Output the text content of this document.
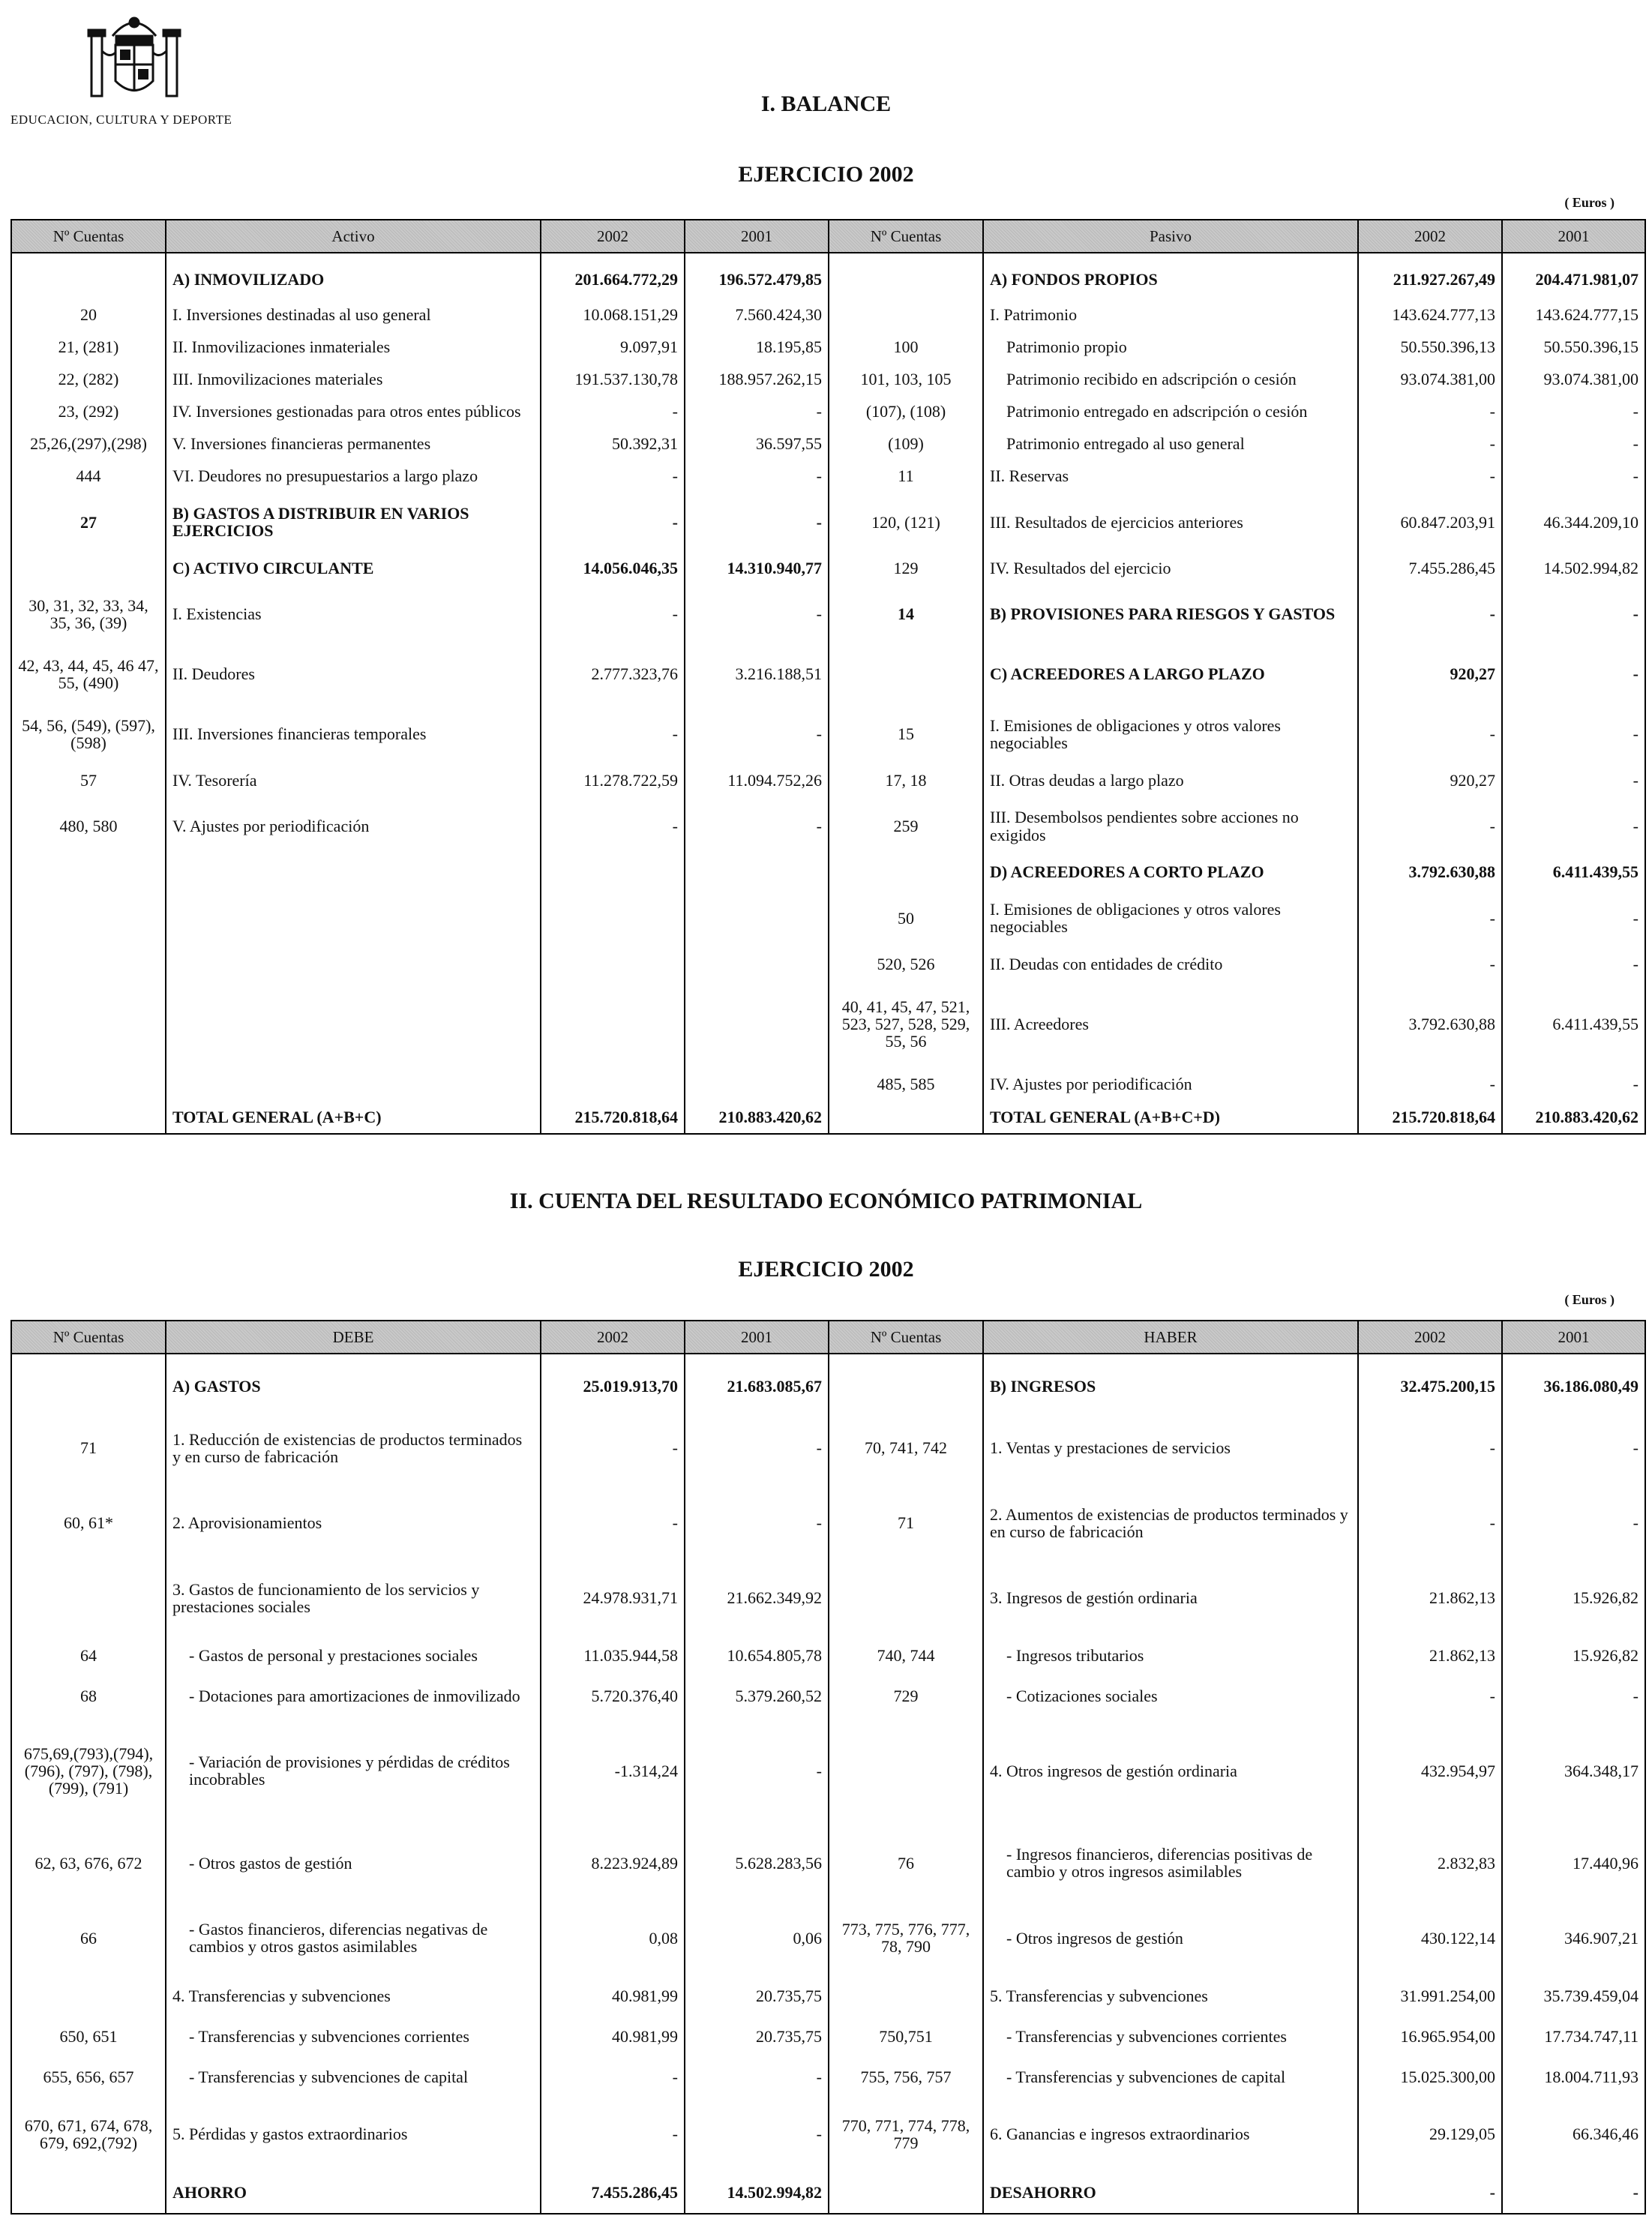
EDUCACION, CULTURA Y DEPORTE
I. BALANCE
EJERCICIO 2002
( Euros )
Nº Cuentas	Activo	2002	2001	Nº Cuentas	Pasivo	2002	2001
	A) INMOVILIZADO	201.664.772,29	196.572.479,85		A) FONDOS PROPIOS	211.927.267,49	204.471.981,07
20	I. Inversiones destinadas al uso general	10.068.151,29	7.560.424,30		I. Patrimonio	143.624.777,13	143.624.777,15
21, (281)	II. Inmovilizaciones inmateriales	9.097,91	18.195,85	100	Patrimonio propio	50.550.396,13	50.550.396,15
22, (282)	III. Inmovilizaciones materiales	191.537.130,78	188.957.262,15	101, 103, 105	Patrimonio recibido en adscripción o cesión	93.074.381,00	93.074.381,00
23, (292)	IV. Inversiones gestionadas para otros entes públicos	-	-	(107), (108)	Patrimonio entregado en adscripción o cesión	-	-
25,26,(297),(298)	V. Inversiones financieras permanentes	50.392,31	36.597,55	(109)	Patrimonio entregado al uso general	-	-
444	VI. Deudores no presupuestarios a largo plazo	-	-	11	II. Reservas	-	-
27	B) GASTOS A DISTRIBUIR EN VARIOS EJERCICIOS	-	-	120, (121)	III. Resultados de ejercicios anteriores	60.847.203,91	46.344.209,10
	C) ACTIVO CIRCULANTE	14.056.046,35	14.310.940,77	129	IV. Resultados del ejercicio	7.455.286,45	14.502.994,82
30, 31, 32, 33, 34, 35, 36, (39)	I. Existencias	-	-	14	B) PROVISIONES PARA RIESGOS Y GASTOS	-	-
42, 43, 44, 45, 46 47, 55, (490)	II. Deudores	2.777.323,76	3.216.188,51		C) ACREEDORES A LARGO PLAZO	920,27	-
54, 56, (549), (597), (598)	III. Inversiones financieras temporales	-	-	15	I. Emisiones de obligaciones y otros valores negociables	-	-
57	IV. Tesorería	11.278.722,59	11.094.752,26	17, 18	II. Otras deudas a largo plazo	920,27	-
480, 580	V. Ajustes por periodificación	-	-	259	III. Desembolsos pendientes sobre acciones no exigidos	-	-
					D) ACREEDORES A CORTO PLAZO	3.792.630,88	6.411.439,55
				50	I. Emisiones de obligaciones y otros valores negociables	-	-
				520, 526	II. Deudas con entidades de crédito	-	-
				40, 41, 45, 47, 521, 523, 527, 528, 529, 55, 56	III. Acreedores	3.792.630,88	6.411.439,55
				485, 585	IV. Ajustes por periodificación	-	-
	TOTAL GENERAL (A+B+C)	215.720.818,64	210.883.420,62		TOTAL GENERAL (A+B+C+D)	215.720.818,64	210.883.420,62
II. CUENTA DEL RESULTADO ECONÓMICO PATRIMONIAL
EJERCICIO 2002
( Euros )
Nº Cuentas	DEBE	2002	2001	Nº Cuentas	HABER	2002	2001
	A) GASTOS	25.019.913,70	21.683.085,67		B) INGRESOS	32.475.200,15	36.186.080,49
71	1. Reducción de existencias de productos terminados y en curso de fabricación	-	-	70, 741, 742	1. Ventas y prestaciones de servicios	-	-
60, 61*	2. Aprovisionamientos	-	-	71	2. Aumentos de existencias de productos terminados y en curso de fabricación	-	-
	3. Gastos de funcionamiento de los servicios y prestaciones sociales	24.978.931,71	21.662.349,92		3. Ingresos de gestión ordinaria	21.862,13	15.926,82
64	- Gastos de personal y prestaciones sociales	11.035.944,58	10.654.805,78	740, 744	- Ingresos tributarios	21.862,13	15.926,82
68	- Dotaciones para amortizaciones de inmovilizado	5.720.376,40	5.379.260,52	729	- Cotizaciones sociales	-	-
675,69,(793),(794), (796), (797), (798), (799), (791)	- Variación de provisiones y pérdidas de créditos incobrables	-1.314,24	-		4. Otros ingresos de gestión ordinaria	432.954,97	364.348,17
62, 63, 676, 672	- Otros gastos de gestión	8.223.924,89	5.628.283,56	76	- Ingresos financieros, diferencias positivas de cambio y otros ingresos asimilables	2.832,83	17.440,96
66	- Gastos financieros, diferencias negativas de cambios y otros gastos asimilables	0,08	0,06	773, 775, 776, 777, 78, 790	- Otros ingresos de gestión	430.122,14	346.907,21
	4. Transferencias y subvenciones	40.981,99	20.735,75		5. Transferencias y subvenciones	31.991.254,00	35.739.459,04
650, 651	- Transferencias y subvenciones corrientes	40.981,99	20.735,75	750,751	- Transferencias y subvenciones corrientes	16.965.954,00	17.734.747,11
655, 656, 657	- Transferencias y subvenciones de capital	-	-	755, 756, 757	- Transferencias y subvenciones de capital	15.025.300,00	18.004.711,93
670, 671, 674, 678, 679, 692,(792)	5. Pérdidas y gastos extraordinarios	-	-	770, 771, 774, 778, 779	6. Ganancias e ingresos extraordinarios	29.129,05	66.346,46
	AHORRO	7.455.286,45	14.502.994,82		DESAHORRO	-	-
